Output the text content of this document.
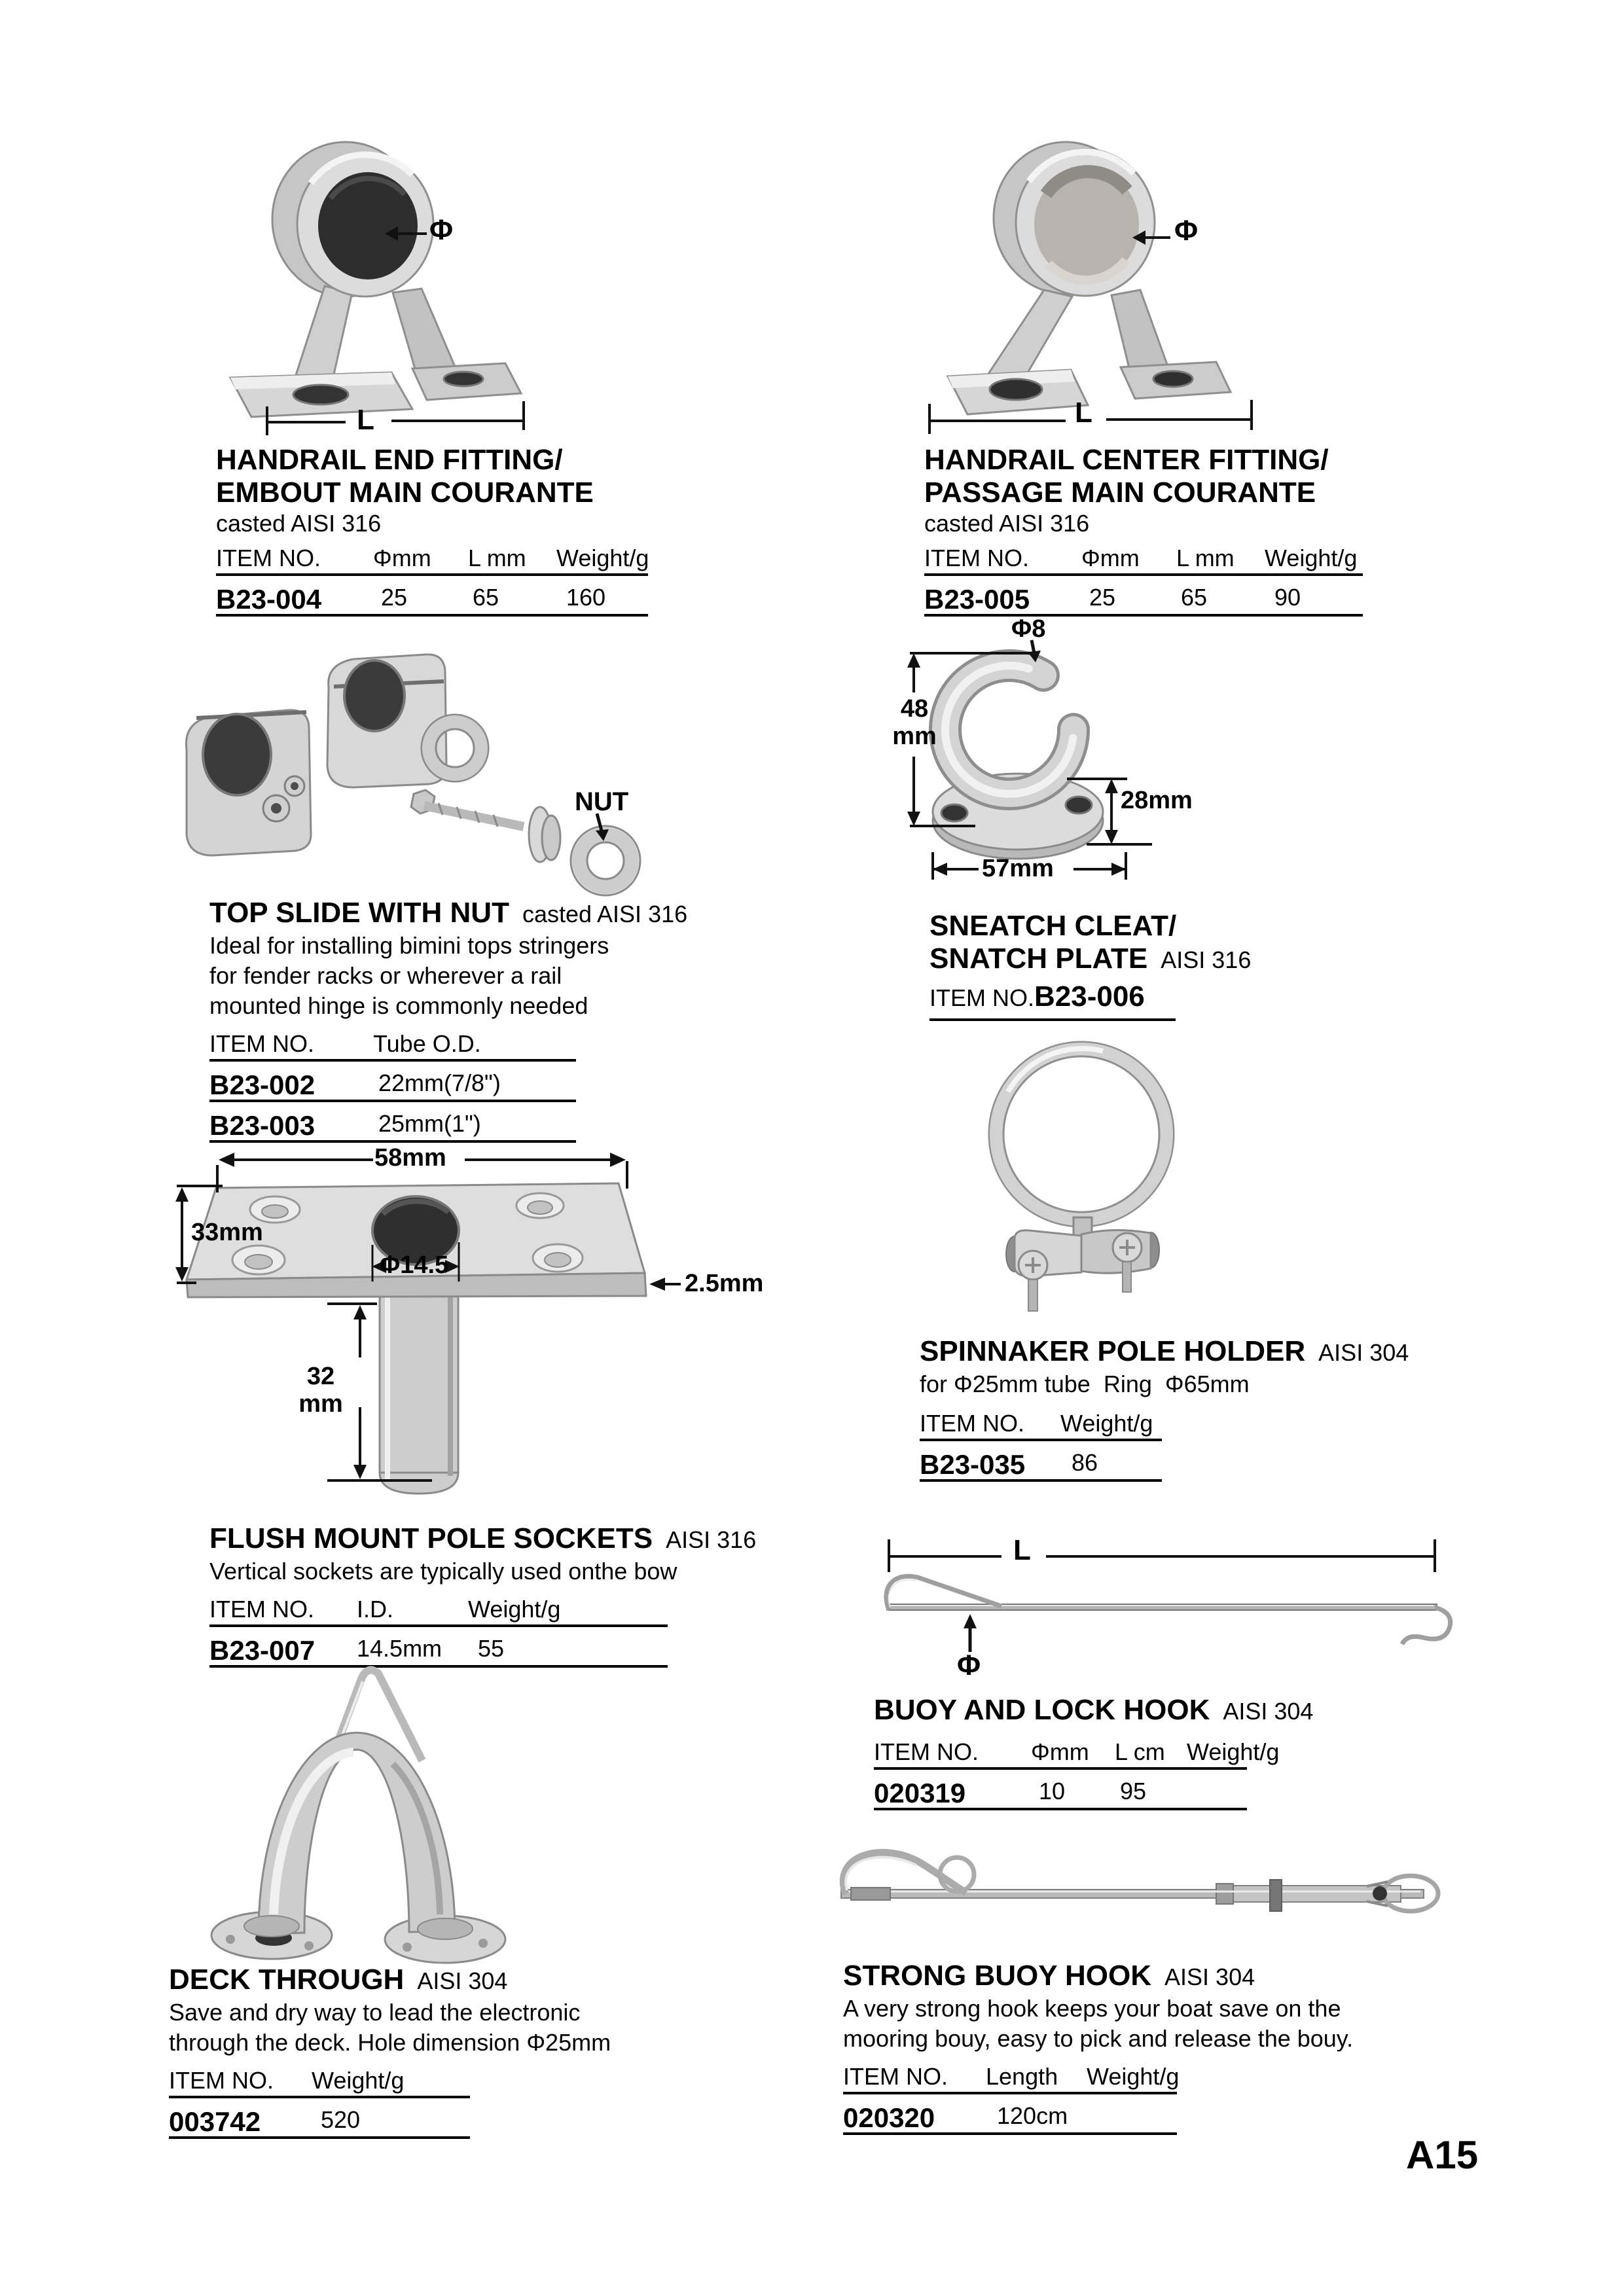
Φ
L
HANDRAIL END FITTING/
EMBOUT MAIN COURANTE
casted AISI 316
ITEM NO. Φmm L mm Weight/g
B23-004	25	65	160
Φ
L
HANDRAIL CENTER FITTING/
PASSAGE MAIN COURANTE
casted AISI 316
ITEM NO. Φmm L mm Weight/g
B23-005	25	65	90
NUT
TOP SLIDE WITH NUT casted AISI 316
Ideal for installing bimini tops stringers
for fender racks or wherever a rail
mounted hinge is commonly needed
ITEM NO.	Tube O.D.
B23-002	22mm(7/8")
B23-003	25mm(1")
Φ8
48
mm
28mm
57mm
SNEATCH CLEAT/
SNATCH PLATE AISI 316
ITEM NO.B23-006
58mm
33mm
Φ14.5
2.5mm
32
mm
FLUSH MOUNT POLE SOCKETS AISI 316
Vertical sockets are typically used onthe bow
ITEM NO. I.D.	Weight/g
B23-007 14.5mm 55
SPINNAKER POLE HOLDER AISI 304
for Φ25mm tube  Ring  Φ65mm
ITEM NO. Weight/g
B23-035 86
DECK THROUGH AISI 304
Save and dry way to lead the electronic
through the deck. Hole dimension Φ25mm
ITEM NO. Weight/g
003742	520
L
Φ
BUOY AND LOCK HOOK AISI 304
ITEM NO. Φmm L cm Weight/g
020319	10 95
STRONG BUOY HOOK AISI 304
A very strong hook keeps your boat save on the
mooring bouy, easy to pick and release the bouy.
ITEM NO. Length Weight/g
020320	120cm
A15
